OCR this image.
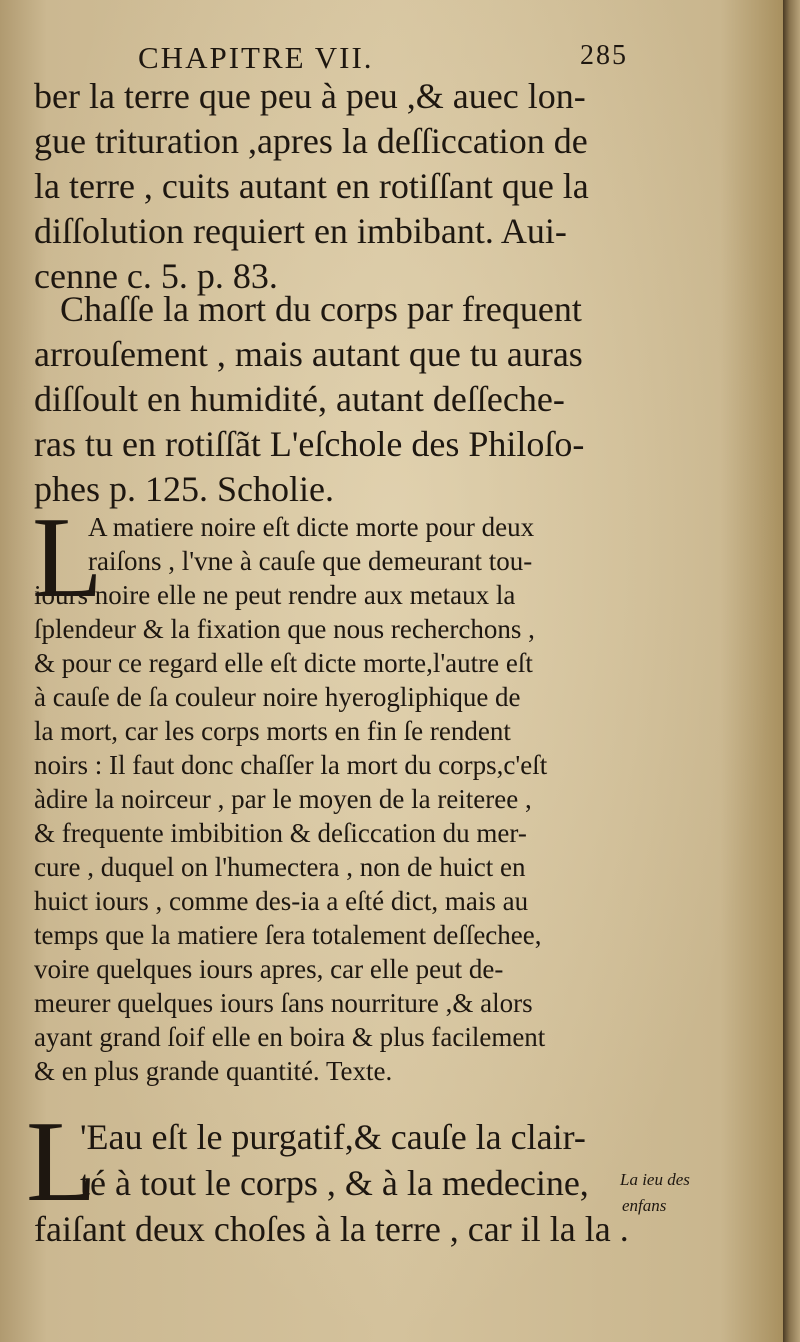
CHAPITRE VII.	285
ber la terre que peu à peu ,& auec lon-
gue trituration ,apres la deſſiccation de
la terre , cuits autant en rotiſſant que la
diſſolution requiert en imbibant. Aui-
cenne c. 5. p. 83.
Chaſſe la mort du corps par frequent
arrouſement , mais autant que tu auras
diſſoult en humidité, autant deſſeche-
ras tu en rotiſſãt L'eſchole des Philoſo-
phes p. 125. Scholie.
L
A matiere noire eſt dicte morte pour deux
raiſons , l'vne à cauſe que demeurant tou-
iours noire elle ne peut rendre aux metaux la
ſplendeur & la fixation que nous recherchons ,
& pour ce regard elle eſt dicte morte,l'autre eſt
à cauſe de ſa couleur noire hyerogliphique de
la mort, car les corps morts en fin ſe rendent
noirs : Il faut donc chaſſer la mort du corps,c'eſt
àdire la noirceur , par le moyen de la reiteree ,
& frequente imbibition & deſiccation du mer-
cure , duquel on l'humectera , non de huict en
huict iours , comme des-ia a eſté dict, mais au
temps que la matiere ſera totalement deſſechee,
voire quelques iours apres, car elle peut de-
meurer quelques iours ſans nourriture ,& alors
ayant grand ſoif elle en boira & plus facilement
& en plus grande quantité. Texte.
L
'Eau eſt le purgatif,& cauſe la clair-
té à tout le corps , & à la medecine,
faiſant deux choſes à la terre , car il la la .
La ieu des
enfans
